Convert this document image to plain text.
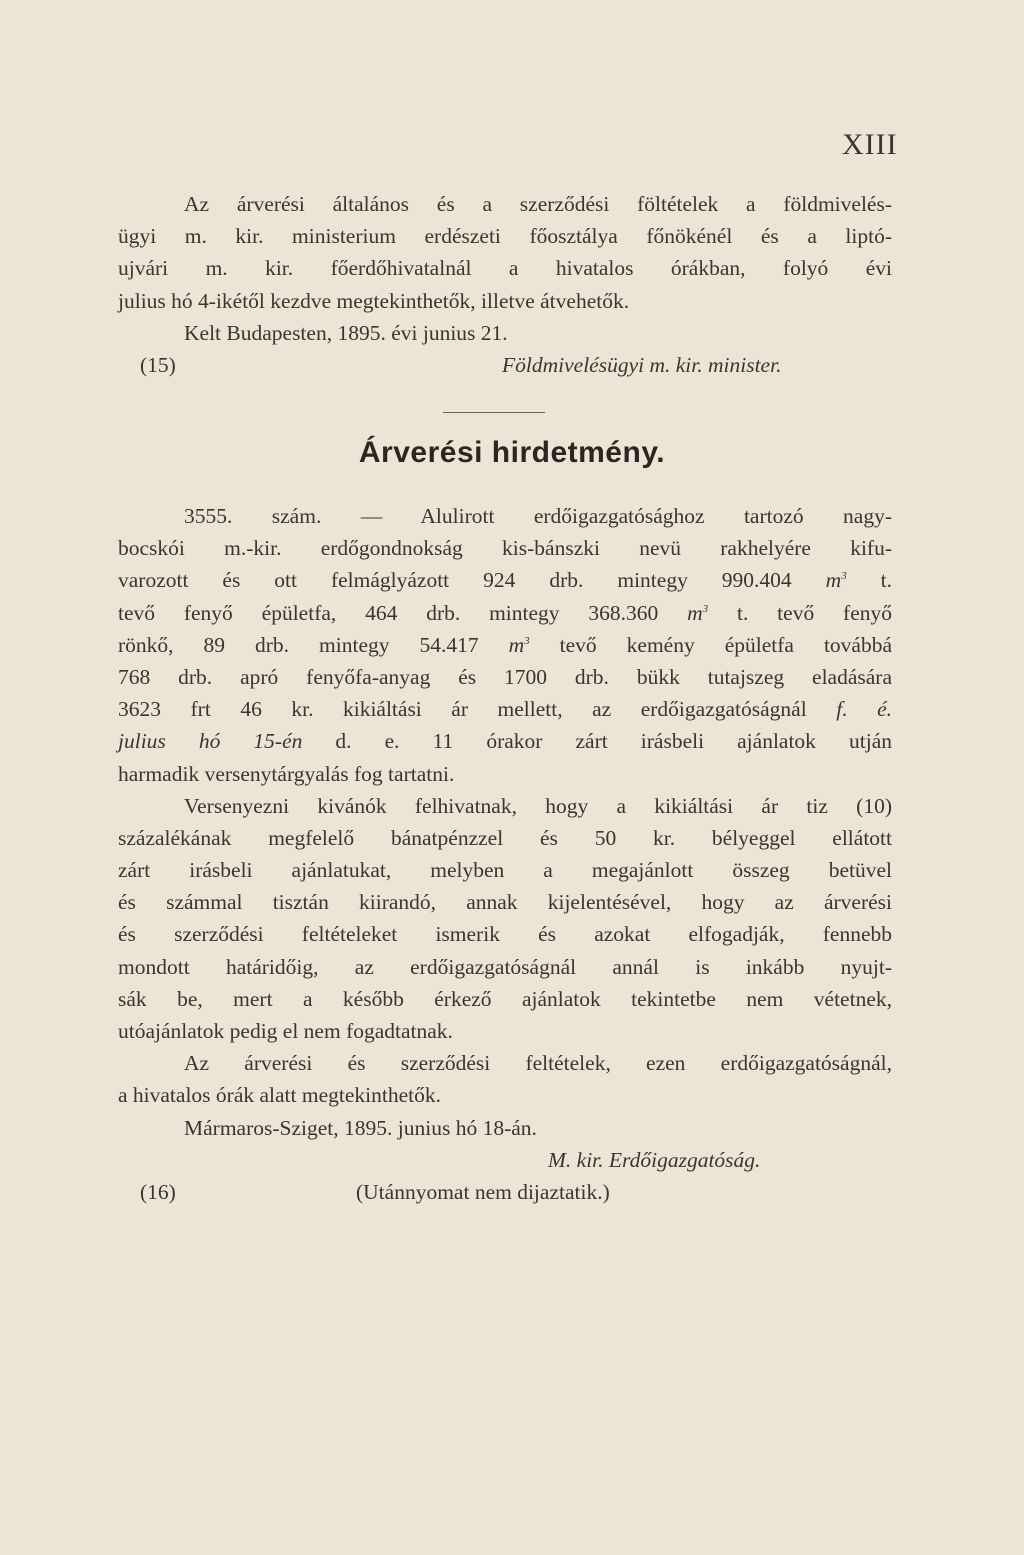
XIII
Az árverési általános és a szerződési föltételek a földmivelés-
ügyi m. kir. ministerium erdészeti főosztálya főnökénél és a liptó-
ujvári m. kir. főerdőhivatalnál a hivatalos órákban, folyó évi
julius hó 4-ikétől kezdve megtekinthetők, illetve átvehetők.
Kelt Budapesten, 1895. évi junius 21.
(15)	Földmivelésügyi m. kir. minister.
Árverési hirdetmény.
3555. szám. — Alulirott erdőigazgatósághoz tartozó nagy-
bocskói m.-kir. erdőgondnokság kis-bánszki nevü rakhelyére kifu-
varozott és ott felmáglyázott 924 drb. mintegy 990.404 $m^3$ t.
tevő fenyő épületfa, 464 drb. mintegy 368.360 $m^3$ t. tevő fenyő
rönkő, 89 drb. mintegy 54.417 $m^3$ tevő kemény épületfa továbbá
768 drb. apró fenyőfa-anyag és 1700 drb. bükk tutajszeg eladására
3623 frt 46 kr. kikiáltási ár mellett, az erdőigazgatóságnál f. é.
julius hó 15-én d. e. 11 órakor zárt irásbeli ajánlatok utján
harmadik versenytárgyalás fog tartatni.
Versenyezni kivánók felhivatnak, hogy a kikiáltási ár tiz (10)
százalékának megfelelő bánatpénzzel és 50 kr. bélyeggel ellátott
zárt irásbeli ajánlatukat, melyben a megajánlott összeg betüvel
és számmal tisztán kiirandó, annak kijelentésével, hogy az árverési
és szerződési feltételeket ismerik és azokat elfogadják, fennebb
mondott határidőig, az erdőigazgatóságnál annál is inkább nyujt-
sák be, mert a később érkező ajánlatok tekintetbe nem vétetnek,
utóajánlatok pedig el nem fogadtatnak.
Az árverési és szerződési feltételek, ezen erdőigazgatóságnál,
a hivatalos órák alatt megtekinthetők.
Mármaros-Sziget, 1895. junius hó 18-án.
M. kir. Erdőigazgatóság.
(16)	(Utánnyomat nem dijaztatik.)
